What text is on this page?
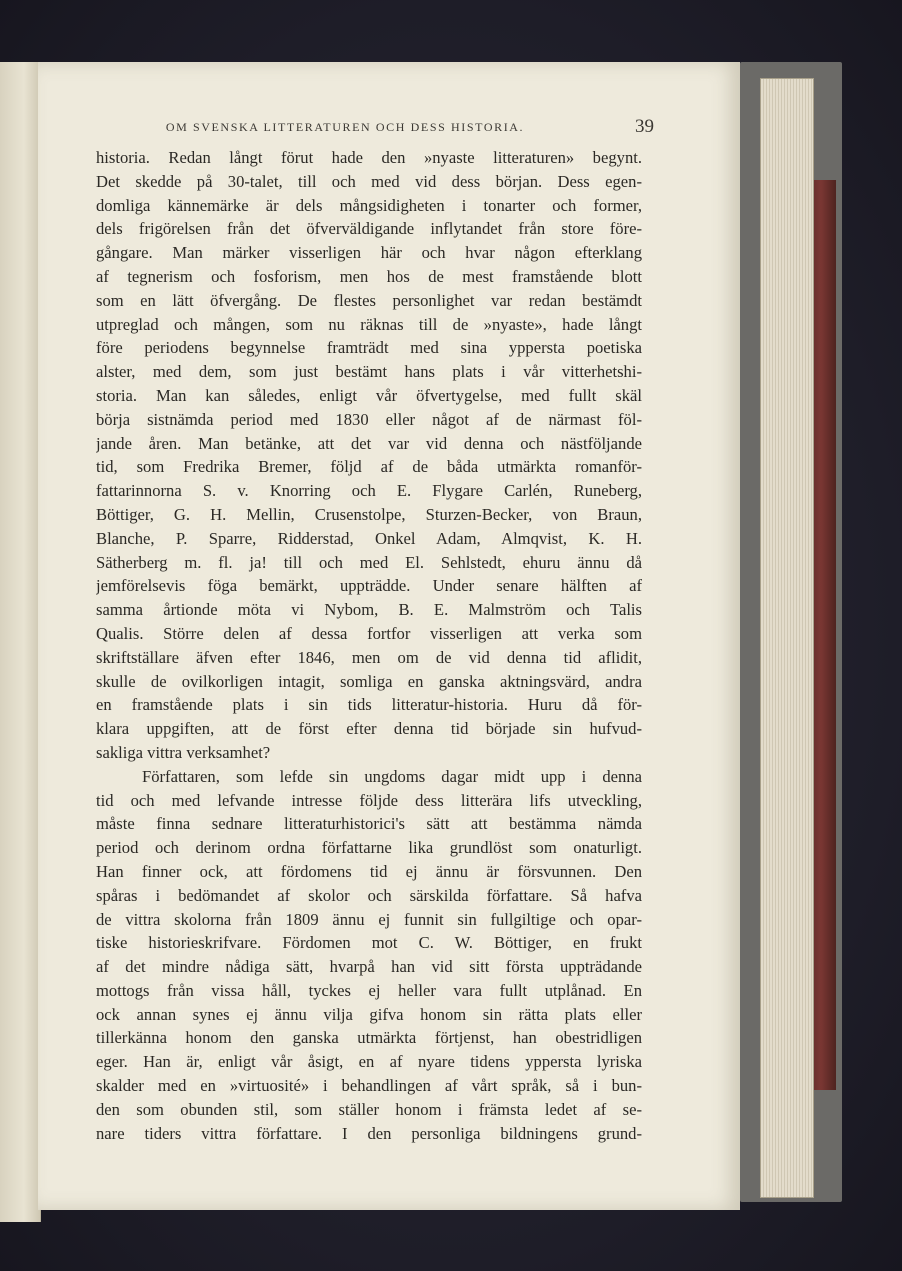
OM SVENSKA LITTERATUREN OCH DESS HISTORIA.	39
historia. Redan långt förut hade den »nyaste litteraturen» begynt.
Det skedde på 30-talet, till och med vid dess början. Dess egen-
domliga kännemärke är dels mångsidigheten i tonarter och former,
dels frigörelsen från det öfverväldigande inflytandet från store före-
gångare. Man märker visserligen här och hvar någon efterklang
af tegnerism och fosforism, men hos de mest framstående blott
som en lätt öfvergång. De flestes personlighet var redan bestämdt
utpreglad och mången, som nu räknas till de »nyaste», hade långt
före periodens begynnelse framträdt med sina yppersta poetiska
alster, med dem, som just bestämt hans plats i vår vitterhetshi-
storia. Man kan således, enligt vår öfvertygelse, med fullt skäl
börja sistnämda period med 1830 eller något af de närmast föl-
jande åren. Man betänke, att det var vid denna och nästföljande
tid, som Fredrika Bremer, följd af de båda utmärkta romanför-
fattarinnorna S. v. Knorring och E. Flygare Carlén, Runeberg,
Böttiger, G. H. Mellin, Crusenstolpe, Sturzen-Becker, von Braun,
Blanche, P. Sparre, Ridderstad, Onkel Adam, Almqvist, K. H.
Sätherberg m. fl. ja! till och med El. Sehlstedt, ehuru ännu då
jemförelsevis föga bemärkt, uppträdde. Under senare hälften af
samma årtionde möta vi Nybom, B. E. Malmström och Talis
Qualis. Större delen af dessa fortfor visserligen att verka som
skriftställare äfven efter 1846, men om de vid denna tid aflidit,
skulle de ovilkorligen intagit, somliga en ganska aktningsvärd, andra
en framstående plats i sin tids litteratur-historia. Huru då för-
klara uppgiften, att de först efter denna tid började sin hufvud-
sakliga vittra verksamhet?
Författaren, som lefde sin ungdoms dagar midt upp i denna
tid och med lefvande intresse följde dess litterära lifs utveckling,
måste finna sednare litteraturhistorici's sätt att bestämma nämda
period och derinom ordna författarne lika grundlöst som onaturligt.
Han finner ock, att fördomens tid ej ännu är försvunnen. Den
spåras i bedömandet af skolor och särskilda författare. Så hafva
de vittra skolorna från 1809 ännu ej funnit sin fullgiltige och opar-
tiske historieskrifvare. Fördomen mot C. W. Böttiger, en frukt
af det mindre nådiga sätt, hvarpå han vid sitt första uppträdande
mottogs från vissa håll, tyckes ej heller vara fullt utplånad. En
ock annan synes ej ännu vilja gifva honom sin rätta plats eller
tillerkänna honom den ganska utmärkta förtjenst, han obestridligen
eger. Han är, enligt vår åsigt, en af nyare tidens yppersta lyriska
skalder med en »virtuosité» i behandlingen af vårt språk, så i bun-
den som obunden stil, som ställer honom i främsta ledet af se-
nare tiders vittra författare. I den personliga bildningens grund-
